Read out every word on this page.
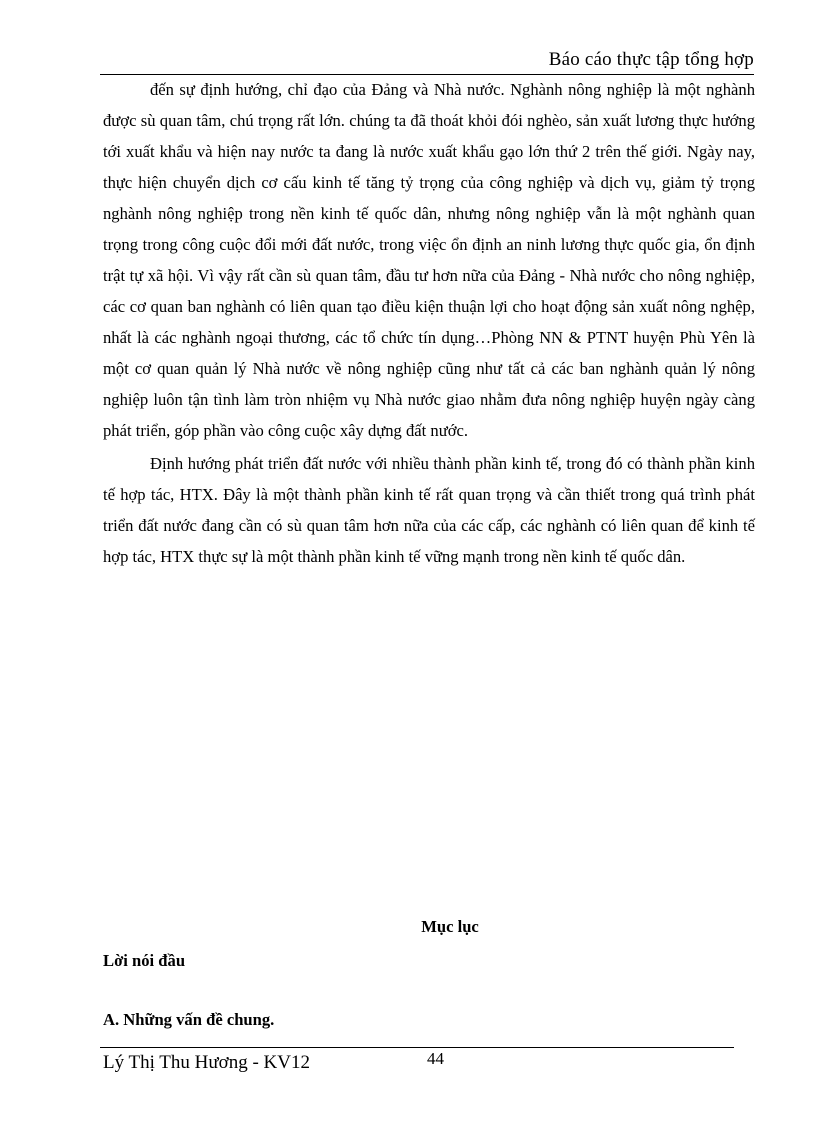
Báo cáo thực tập tổng hợp

đến sự định hướng, chỉ đạo của Đảng và Nhà nước. Nghành nông nghiệp là một nghành được sù quan tâm, chú trọng rất lớn. chúng ta đã thoát khỏi đói nghèo, sản xuất lương thực hướng tới xuất khẩu và hiện nay nước ta đang là nước xuất khẩu gạo lớn thứ 2 trên thế giới. Ngày nay, thực hiện chuyển dịch cơ cấu kinh tế tăng tỷ trọng của công nghiệp và dịch vụ, giảm tỷ trọng nghành nông nghiệp trong nền kinh tế quốc dân, nhưng nông nghiệp vẫn là một nghành quan trọng trong công cuộc đổi mới đất nước, trong việc ổn định an ninh lương thực quốc gia, ổn định trật tự xã hội. Vì vậy rất cần sù quan tâm, đầu tư hơn nữa của Đảng - Nhà nước cho nông nghiệp, các cơ quan ban nghành có liên quan tạo điều kiện thuận lợi cho hoạt động sản xuất nông nghệp, nhất là các nghành ngoại thương, các tổ chức tín dụng…Phòng NN & PTNT huyện Phù Yên là một cơ quan quản lý Nhà nước về nông nghiệp cũng như tất cả các ban nghành quản lý nông nghiệp luôn tận tình làm tròn nhiệm vụ Nhà nước giao nhằm đưa nông nghiệp huyện ngày càng phát triển, góp phần vào công cuộc xây dựng đất nước.

Định hướng phát triển đất nước với nhiều thành phần kinh tế, trong đó có thành phần kinh tế hợp tác, HTX. Đây là một thành phần kinh tế rất quan trọng và cần thiết trong quá trình phát triển đất nước đang cần có sù quan tâm hơn nữa của các cấp, các nghành có liên quan để kinh tế hợp tác, HTX thực sự là một thành phần kinh tế vững mạnh trong nền kinh tế quốc dân.

Mục lục
Lời nói đầu
A. Những vấn đề chung.
Lý Thị Thu Hương - KV12	44
